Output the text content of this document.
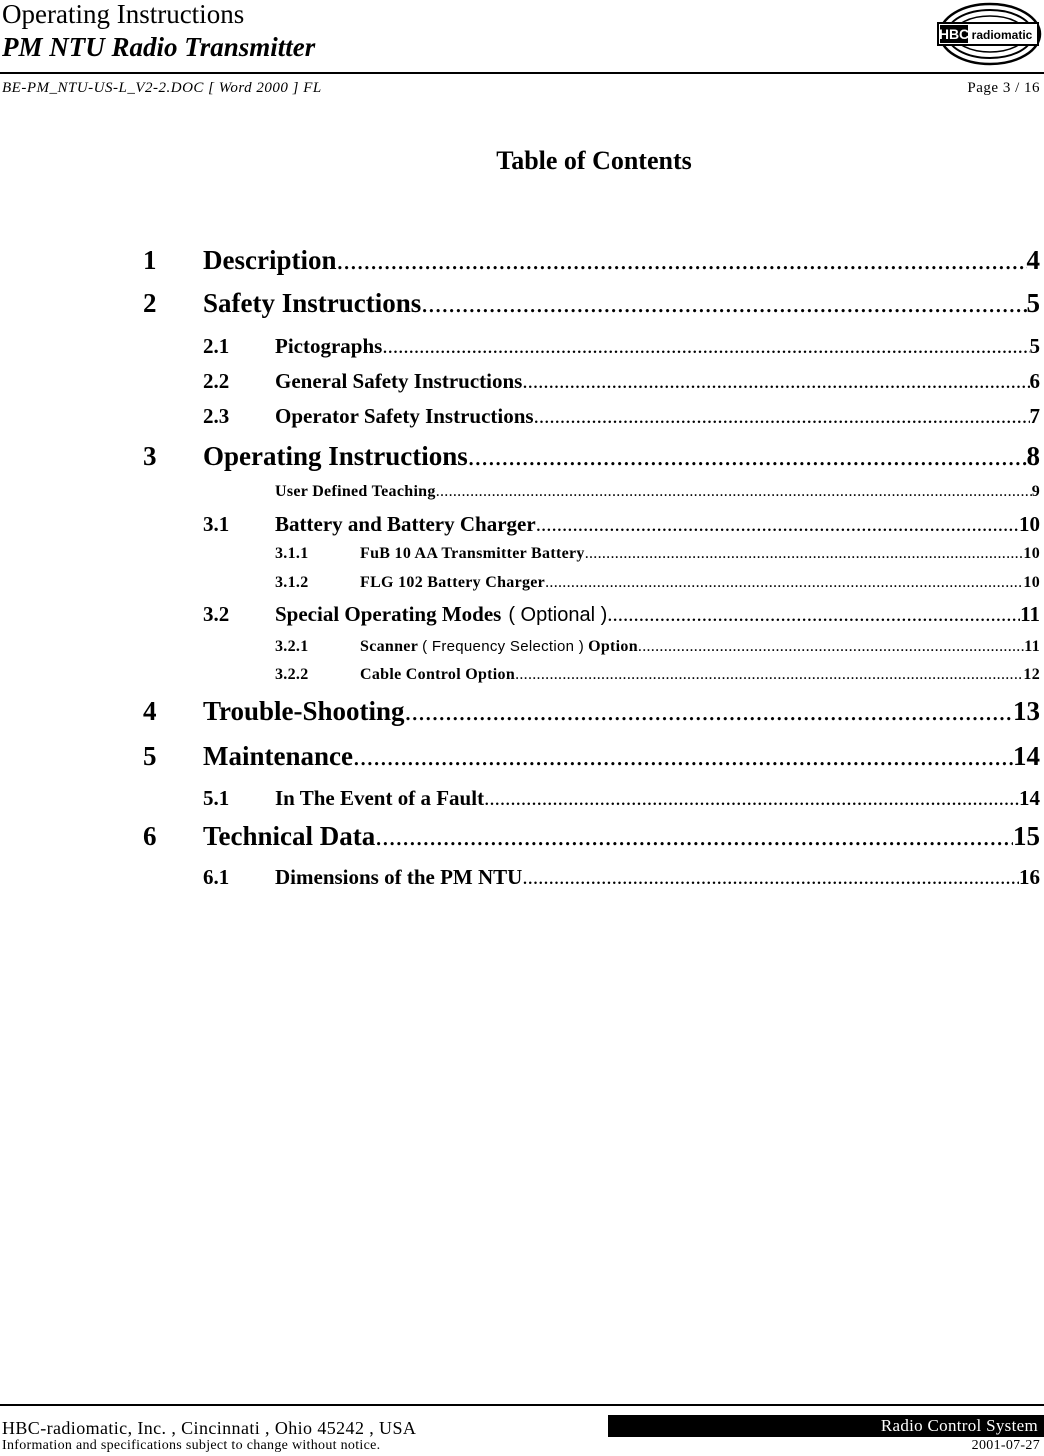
Operating Instructions
PM NTU Radio Transmitter	HBC radiomatic
BE-PM_NTU-US-L_V2-2.DOC [ Word 2000 ] FL	Page 3 / 16
Table of Contents
1	Description .....	4
2	Safety Instructions .....	5
2.1	Pictographs .....	5
2.2	General Safety Instructions .....	6
2.3	Operator Safety Instructions .....	7
3	Operating Instructions .....	8
User Defined Teaching .....	9
3.1	Battery and Battery Charger .....	10
3.1.1	FuB 10 AA Transmitter Battery .....	10
3.1.2	FLG 102 Battery Charger .....	10
3.2	Special Operating Modes ( Optional ) .....	11
3.2.1	Scanner ( Frequency Selection ) Option .....	11
3.2.2	Cable Control Option .....	12
4	Trouble-Shooting .....	13
5	Maintenance .....	14
5.1	In The Event of a Fault .....	14
6	Technical Data .....	15
6.1	Dimensions of the PM NTU .....	16
HBC-radiomatic, Inc. , Cincinnati , Ohio 45242 , USA
Information and specifications subject to change without notice.
Radio Control System
2001-07-27
